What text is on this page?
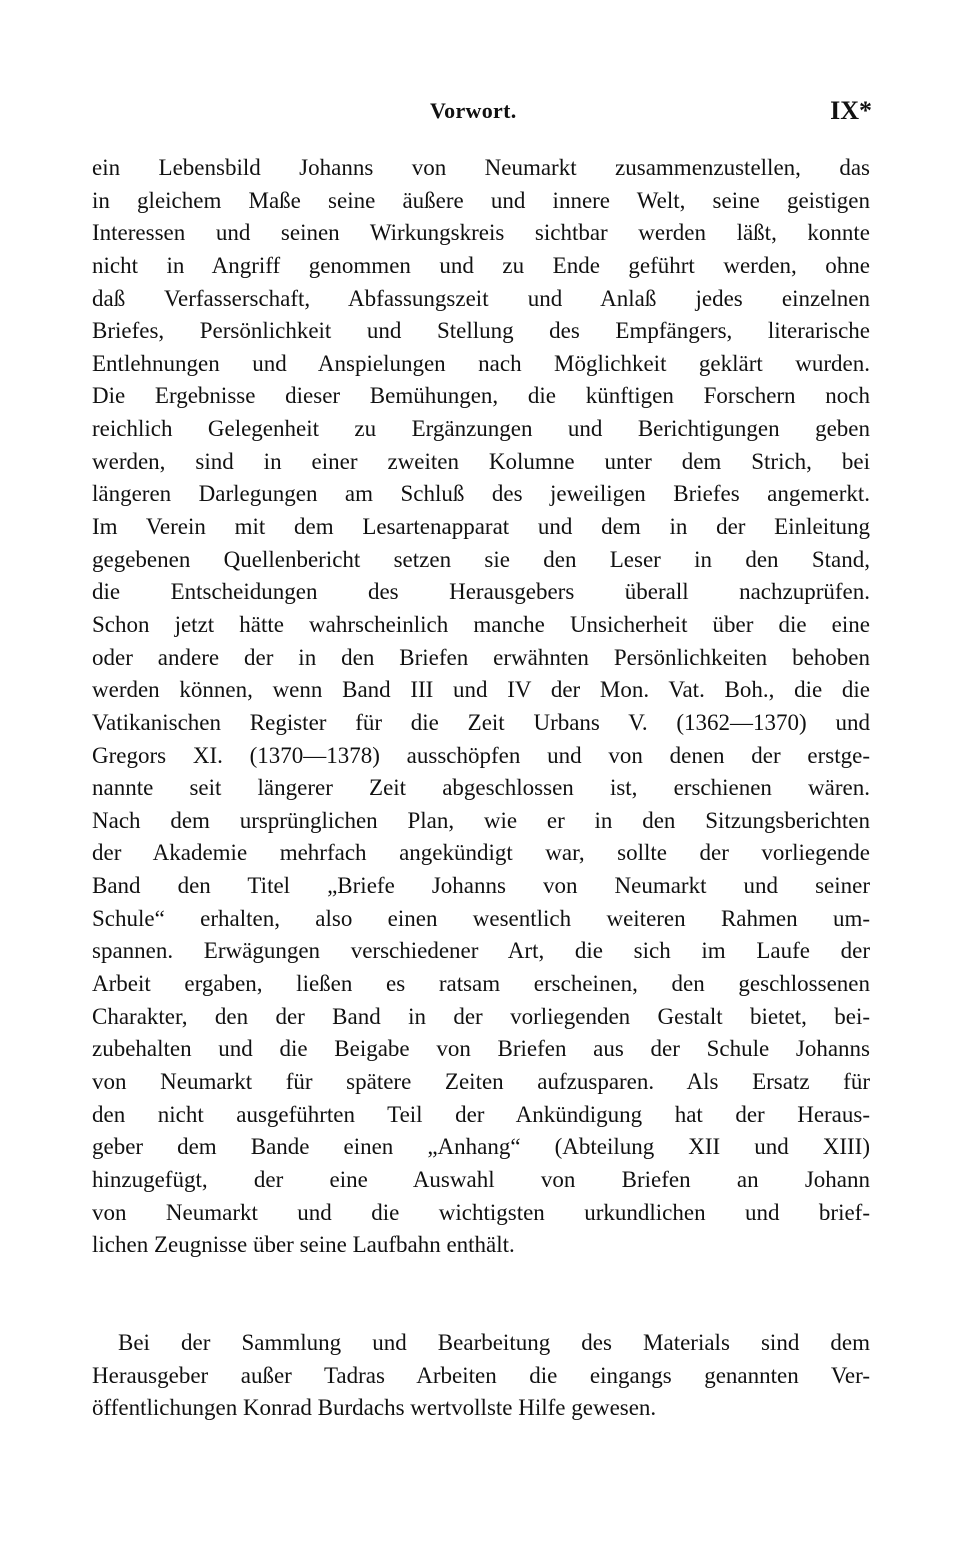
Vorwort.	IX*
ein Lebensbild Johanns von Neumarkt zusammenzustellen, das
in gleichem Maße seine äußere und innere Welt, seine geistigen
Interessen und seinen Wirkungskreis sichtbar werden läßt, konnte
nicht in Angriff genommen und zu Ende geführt werden, ohne
daß Verfasserschaft, Abfassungszeit und Anlaß jedes einzelnen
Briefes, Persönlichkeit und Stellung des Empfängers, literarische
Entlehnungen und Anspielungen nach Möglichkeit geklärt wurden.
Die Ergebnisse dieser Bemühungen, die künftigen Forschern noch
reichlich Gelegenheit zu Ergänzungen und Berichtigungen geben
werden, sind in einer zweiten Kolumne unter dem Strich, bei
längeren Darlegungen am Schluß des jeweiligen Briefes angemerkt.
Im Verein mit dem Lesartenapparat und dem in der Einleitung
gegebenen Quellenbericht setzen sie den Leser in den Stand,
die Entscheidungen des Herausgebers überall nachzuprüfen.
Schon jetzt hätte wahrscheinlich manche Unsicherheit über die eine
oder andere der in den Briefen erwähnten Persönlichkeiten behoben
werden können, wenn Band III und IV der Mon. Vat. Boh., die die
Vatikanischen Register für die Zeit Urbans V. (1362—1370) und
Gregors XI. (1370—1378) ausschöpfen und von denen der erstge-
nannte seit längerer Zeit abgeschlossen ist, erschienen wären.
Nach dem ursprünglichen Plan, wie er in den Sitzungsberichten
der Akademie mehrfach angekündigt war, sollte der vorliegende
Band den Titel „Briefe Johanns von Neumarkt und seiner
Schule“ erhalten, also einen wesentlich weiteren Rahmen um-
spannen. Erwägungen verschiedener Art, die sich im Laufe der
Arbeit ergaben, ließen es ratsam erscheinen, den geschlossenen
Charakter, den der Band in der vorliegenden Gestalt bietet, bei-
zubehalten und die Beigabe von Briefen aus der Schule Johanns
von Neumarkt für spätere Zeiten aufzusparen. Als Ersatz für
den nicht ausgeführten Teil der Ankündigung hat der Heraus-
geber dem Bande einen „Anhang“ (Abteilung XII und XIII)
hinzugefügt, der eine Auswahl von Briefen an Johann
von Neumarkt und die wichtigsten urkundlichen und brief-
lichen Zeugnisse über seine Laufbahn enthält.
Bei der Sammlung und Bearbeitung des Materials sind dem
Herausgeber außer Tadras Arbeiten die eingangs genannten Ver-
öffentlichungen Konrad Burdachs wertvollste Hilfe gewesen.
